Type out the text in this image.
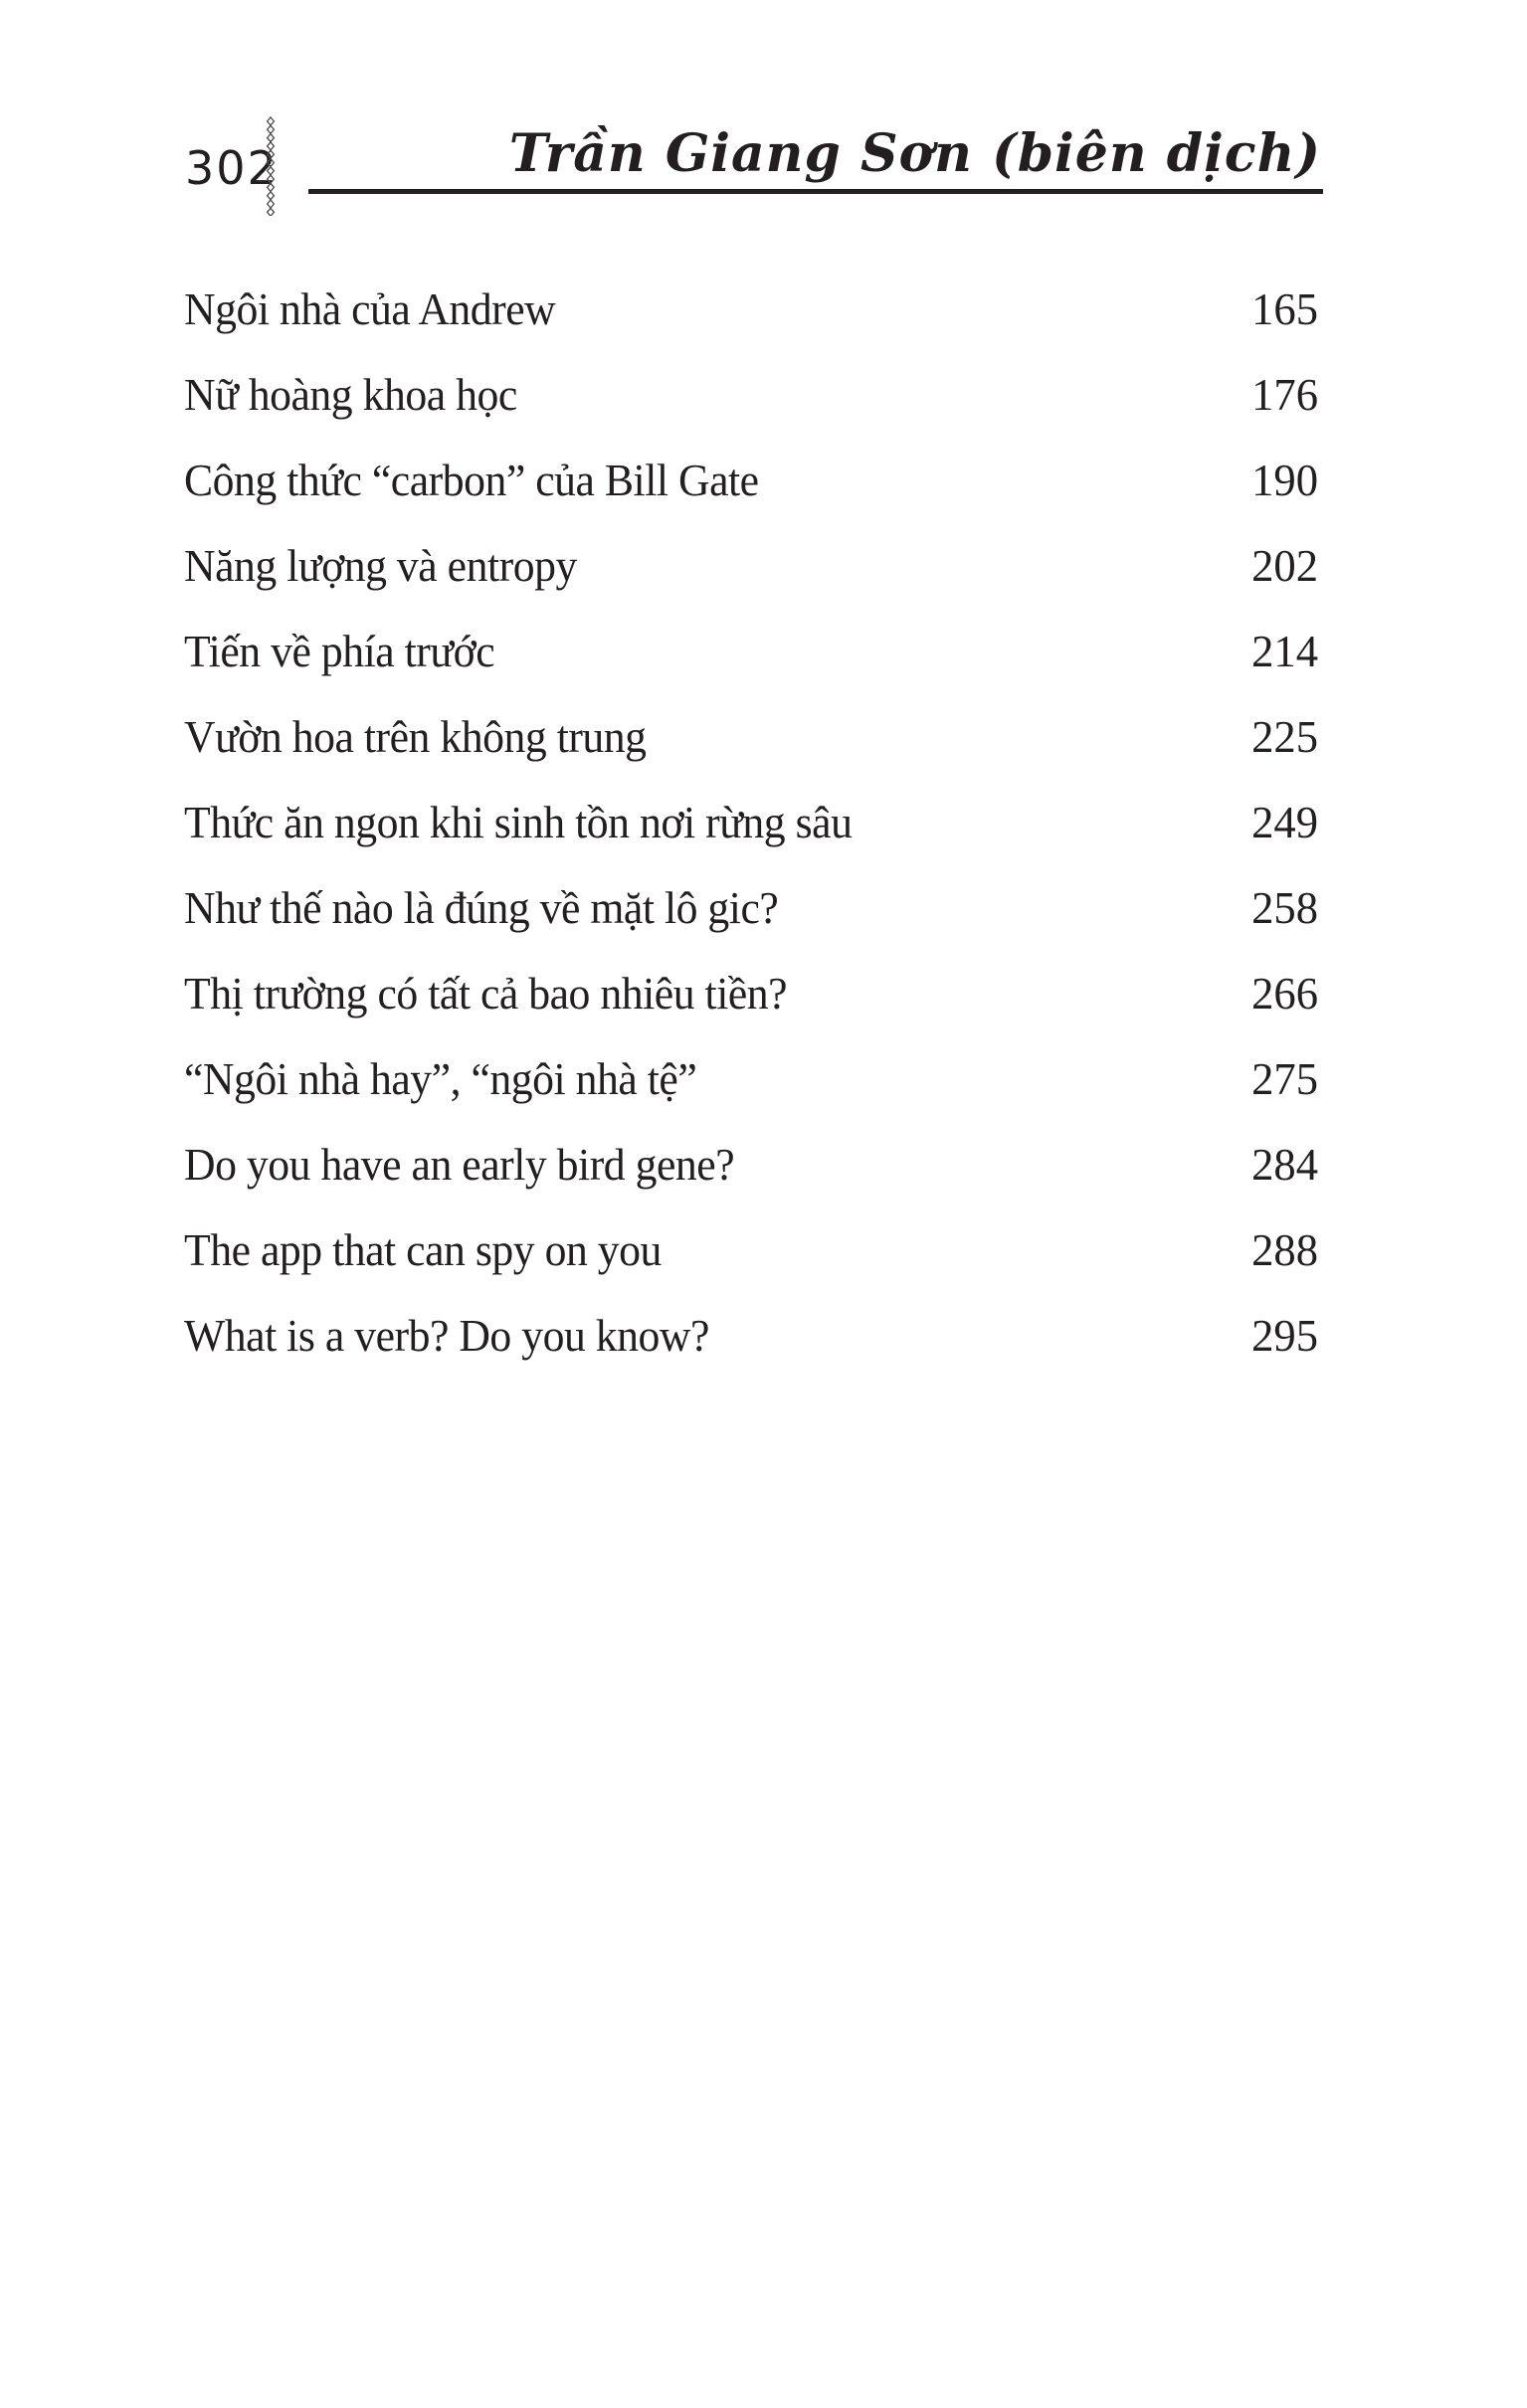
302	Trần Giang Sơn (biên dịch)
Ngôi nhà của Andrew	165
Nữ hoàng khoa học	176
Công thức “carbon” của Bill Gate	190
Năng lượng và entropy	202
Tiến về phía trước	214
Vườn hoa trên không trung	225
Thức ăn ngon khi sinh tồn nơi rừng sâu	249
Như thế nào là đúng về mặt lô gic?	258
Thị trường có tất cả bao nhiêu tiền?	266
“Ngôi nhà hay”, “ngôi nhà tệ”	275
Do you have an early bird gene?	284
The app that can spy on you	288
What is a verb? Do you know?	295
